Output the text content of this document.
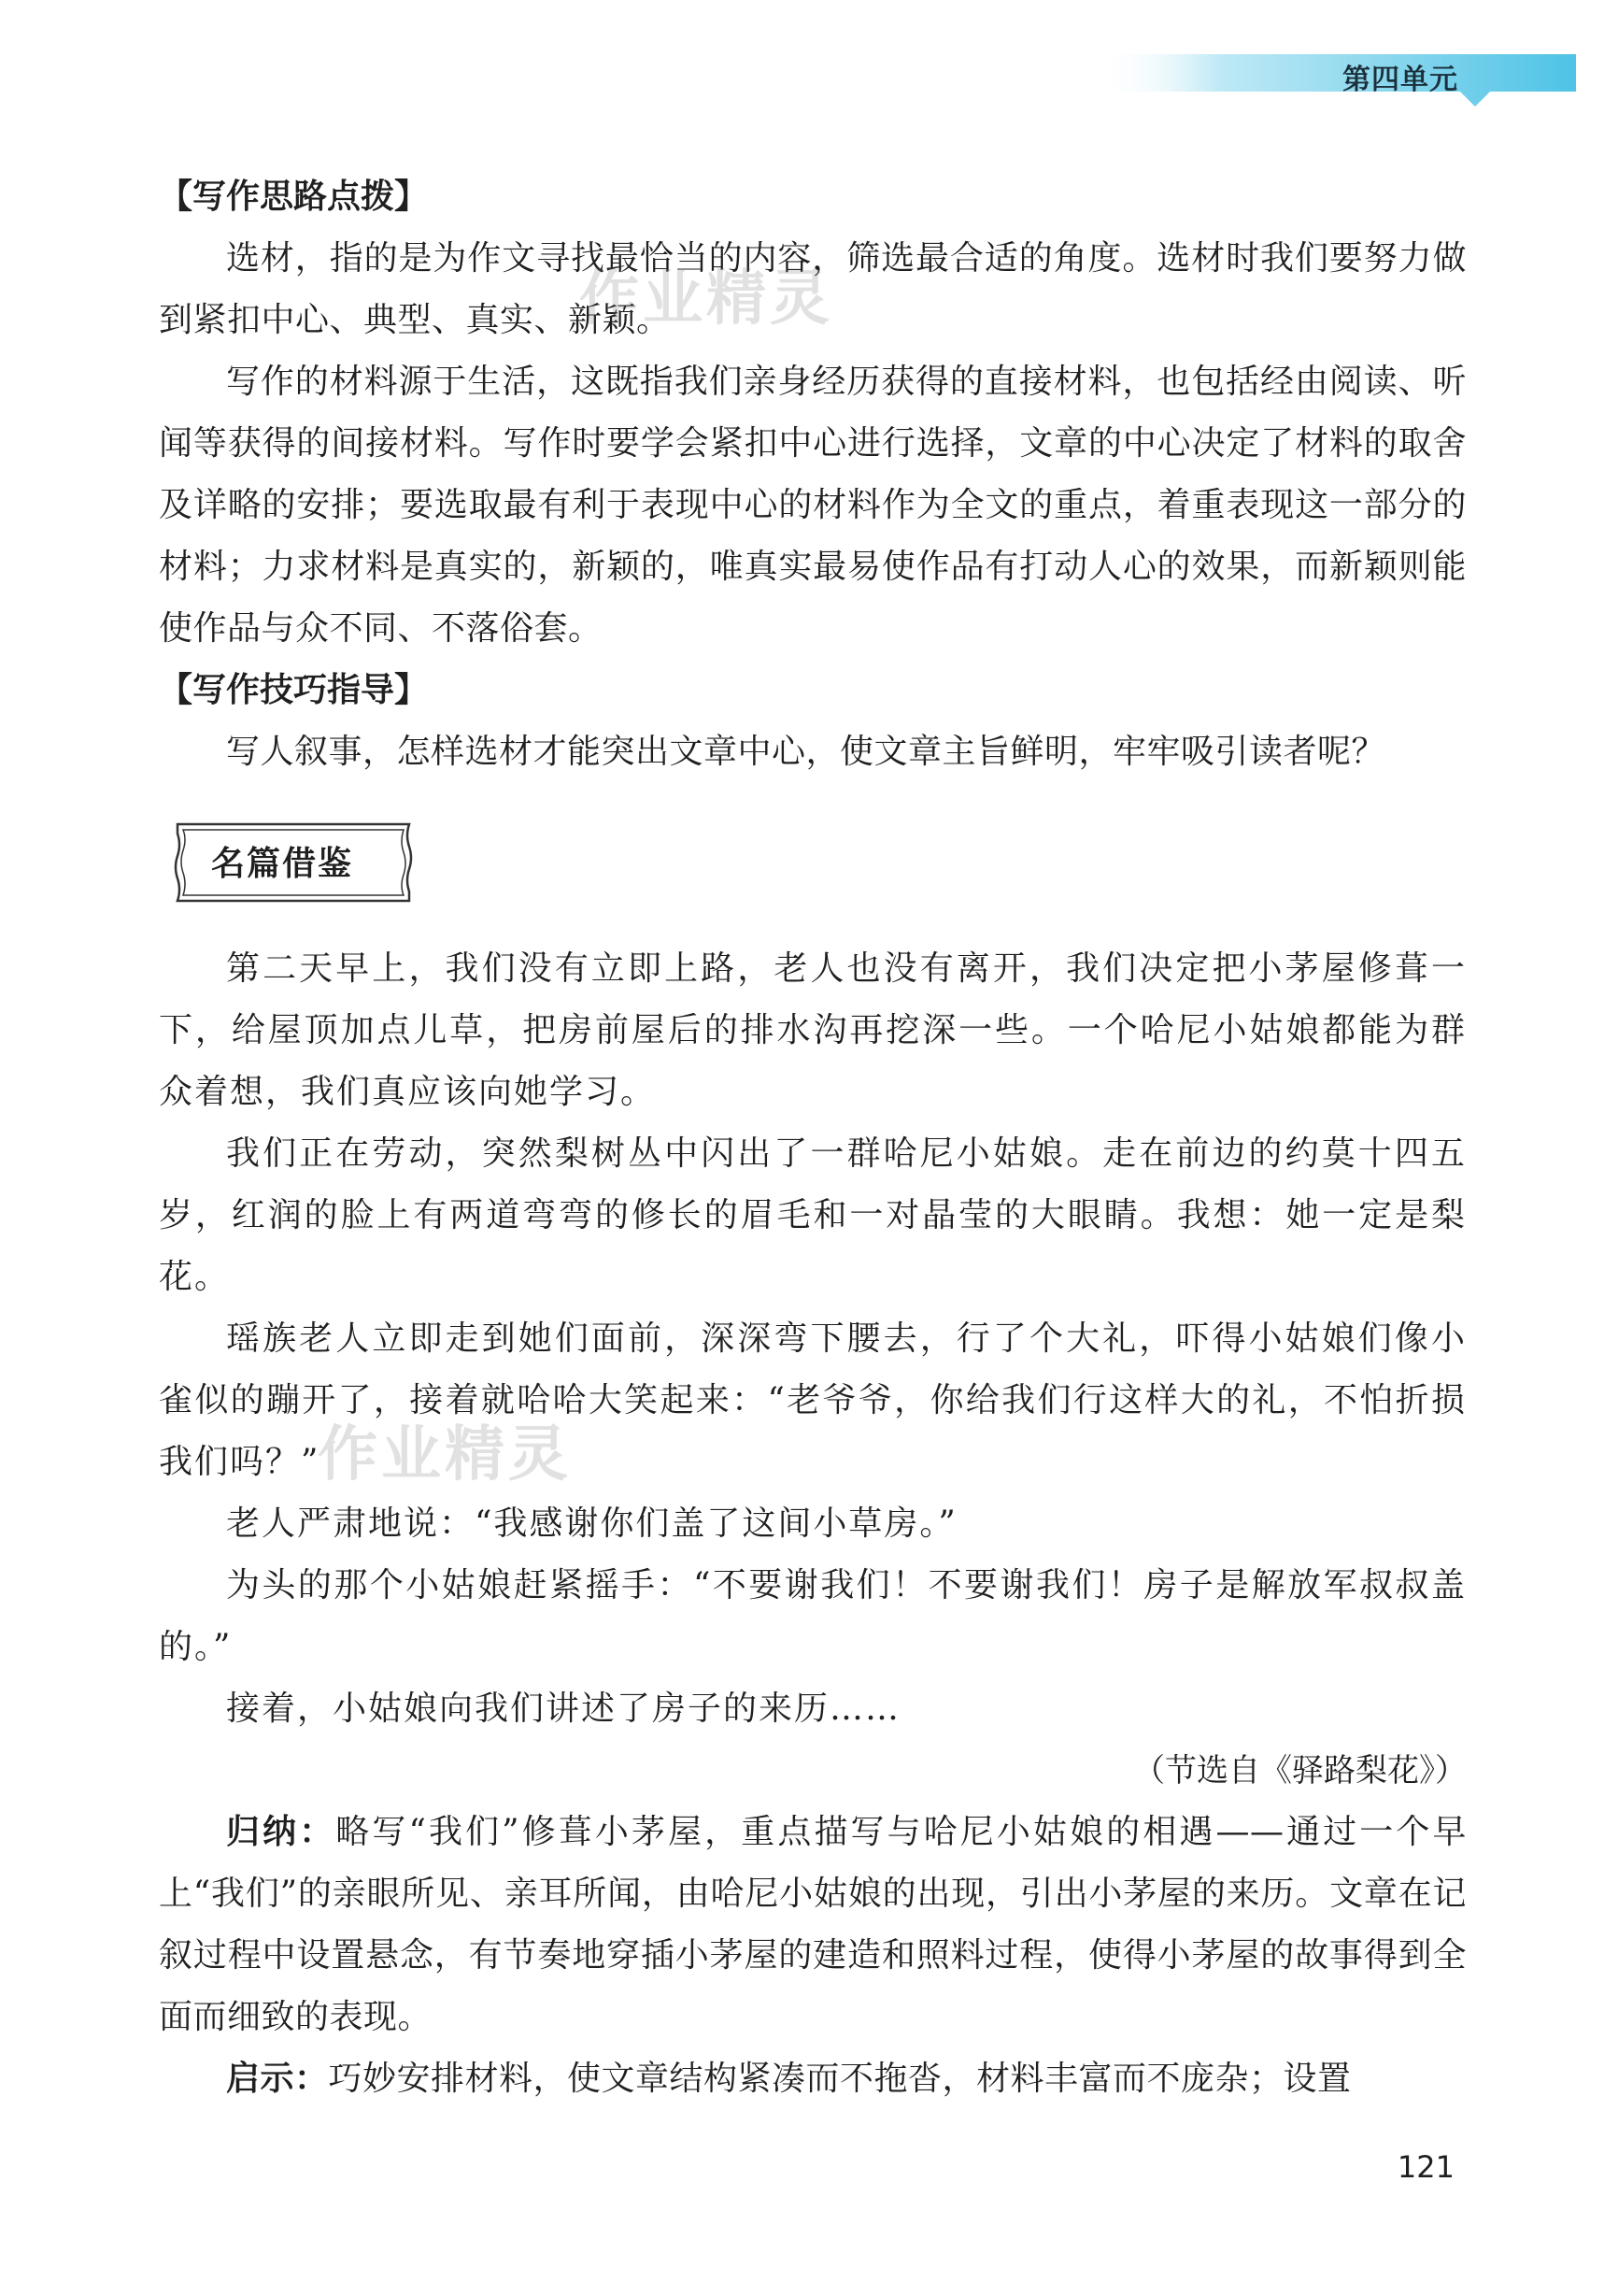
第四单元
【写作思路点拨】

选材，指的是为作文寻找最恰当的内容，筛选最合适的角度。选材时我们要努力做到紧扣中心、典型、真实、新颖。

写作的材料源于生活，这既指我们亲身经历获得的直接材料，也包括经由阅读、听闻等获得的间接材料。写作时要学会紧扣中心进行选择，文章的中心决定了材料的取舍及详略的安排；要选取最有利于表现中心的材料作为全文的重点，着重表现这一部分的材料；力求材料是真实的，新颖的，唯真实最易使作品有打动人心的效果，而新颖则能使作品与众不同、不落俗套。

【写作技巧指导】

写人叙事，怎样选材才能突出文章中心，使文章主旨鲜明，牢牢吸引读者呢？

名篇借鉴

第二天早上，我们没有立即上路，老人也没有离开，我们决定把小茅屋修葺一下，给屋顶加点儿草，把房前屋后的排水沟再挖深一些。一个哈尼小姑娘都能为群众着想，我们真应该向她学习。

我们正在劳动，突然梨树丛中闪出了一群哈尼小姑娘。走在前边的约莫十四五岁，红润的脸上有两道弯弯的修长的眉毛和一对晶莹的大眼睛。我想：她一定是梨花。

瑶族老人立即走到她们面前，深深弯下腰去，行了个大礼，吓得小姑娘们像小雀似的蹦开了，接着就哈哈大笑起来：“老爷爷，你给我们行这样大的礼，不怕折损我们吗？”

老人严肃地说：“我感谢你们盖了这间小草房。”

为头的那个小姑娘赶紧摇手：“不要谢我们！不要谢我们！房子是解放军叔叔盖的。”

接着，小姑娘向我们讲述了房子的来历……

（节选自《驿路梨花》）

归纳：略写“我们”修葺小茅屋，重点描写与哈尼小姑娘的相遇——通过一个早上“我们”的亲眼所见、亲耳所闻，由哈尼小姑娘的出现，引出小茅屋的来历。文章在记叙过程中设置悬念，有节奏地穿插小茅屋的建造和照料过程，使得小茅屋的故事得到全面而细致的表现。

启示：巧妙安排材料，使文章结构紧凑而不拖沓，材料丰富而不庞杂；设置

作业精灵
作业精灵
121
